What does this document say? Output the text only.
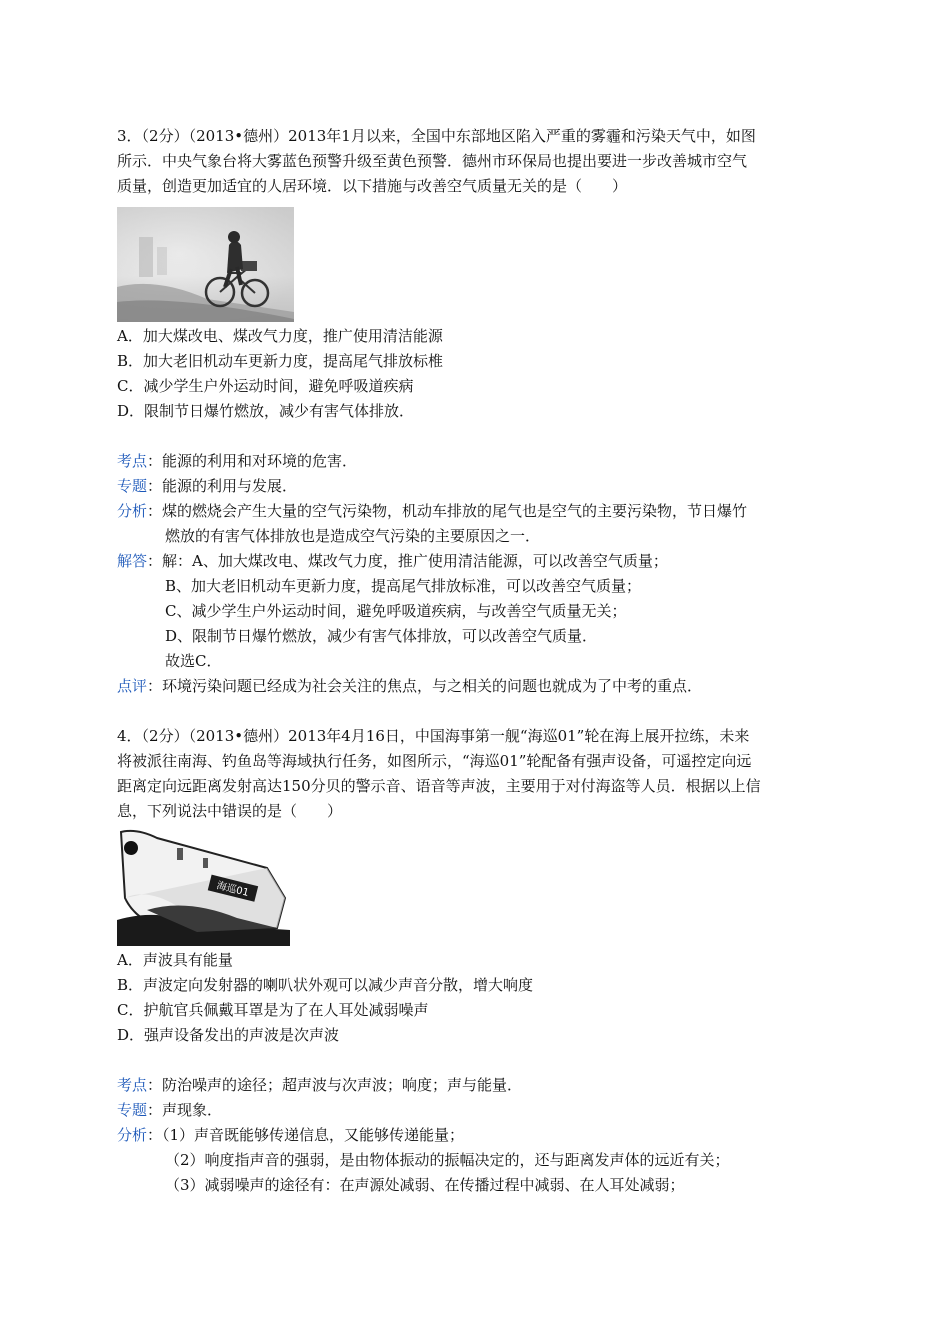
3．（2分）（2013•德州）2013年1月以来，全国中东部地区陷入严重的雾霾和污染天气中，如图
所示．中央气象台将大雾蓝色预警升级至黄色预警．德州市环保局也提出要进一步改善城市空气
质量，创造更加适宜的人居环境．以下措施与改善空气质量无关的是（　　）
A．加大煤改电、煤改气力度，推广使用清洁能源
B．加大老旧机动车更新力度，提高尾气排放标椎
C．减少学生户外运动时间，避免呼吸道疾病
D．限制节日爆竹燃放，减少有害气体排放．
考点：能源的利用和对环境的危害．
专题：能源的利用与发展．
分析：煤的燃烧会产生大量的空气污染物，机动车排放的尾气也是空气的主要污染物，节日爆竹
燃放的有害气体排放也是造成空气污染的主要原因之一．
解答：解：A、加大煤改电、煤改气力度，推广使用清洁能源，可以改善空气质量；
B、加大老旧机动车更新力度，提高尾气排放标准，可以改善空气质量；
C、减少学生户外运动时间，避免呼吸道疾病，与改善空气质量无关；
D、限制节日爆竹燃放，减少有害气体排放，可以改善空气质量．
故选C．
点评：环境污染问题已经成为社会关注的焦点，与之相关的问题也就成为了中考的重点．
4．（2分）（2013•德州）2013年4月16日，中国海事第一舰“海巡01”轮在海上展开拉练，未来
将被派往南海、钓鱼岛等海域执行任务，如图所示，“海巡01”轮配备有强声设备，可遥控定向远
距离定向远距离发射高达150分贝的警示音、语音等声波，主要用于对付海盗等人员．根据以上信
息，下列说法中错误的是（　　）
海巡01
A．声波具有能量
B．声波定向发射器的喇叭状外观可以减少声音分散，增大响度
C．护航官兵佩戴耳罩是为了在人耳处减弱噪声
D．强声设备发出的声波是次声波
考点：防治噪声的途径；超声波与次声波；响度；声与能量．
专题：声现象．
分析：（1）声音既能够传递信息，又能够传递能量；
（2）响度指声音的强弱，是由物体振动的振幅决定的，还与距离发声体的远近有关；
（3）减弱噪声的途径有：在声源处减弱、在传播过程中减弱、在人耳处减弱；
